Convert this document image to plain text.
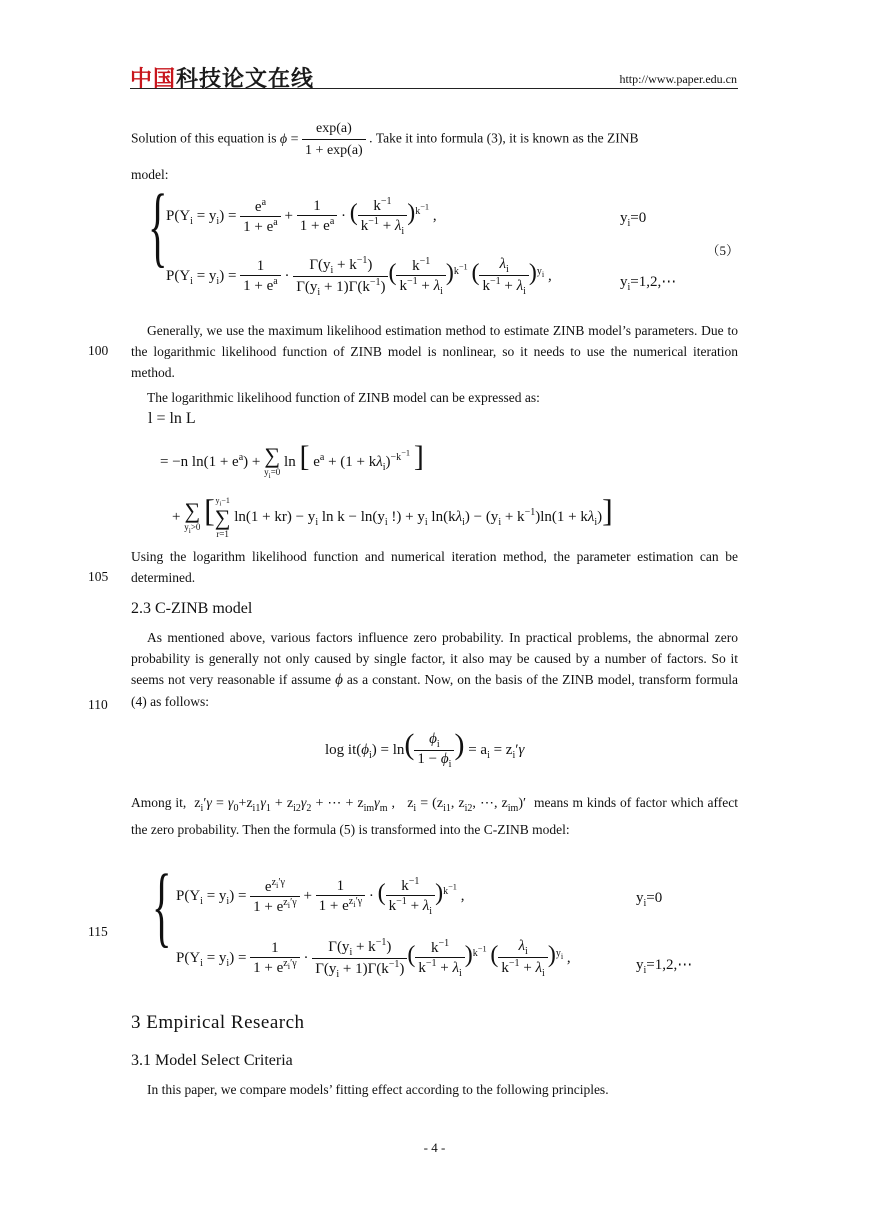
中国科技论文在线	http://www.paper.edu.cn
Solution of this equation is $\phi = \frac{\exp(a)}{1 + \exp(a)}$ . Take it into formula (3), it is known as the ZINB
model:
{
$P(Y_i = y_i) = \frac{e^a}{1 + e^a} + \frac{1}{1 + e^a}$ · ( $\frac{k^{-1}}{k^{-1} + \lambda_i} )^{k^{-1}}$ ,	$y_i=0$
（5）
$P(Y_i = y_i) = \frac{1}{1 + e^a} \cdot \frac{\Gamma(y_i + k^{-1})}{\Gamma(y_i + 1)\Gamma(k^{-1})}$ ( $\frac{k^{-1}}{k^{-1} + \lambda_i} )^{k^{-1}}$ ( $\frac{\lambda_i}{k^{-1} + \lambda_i} )^{y_i}$ ,	$y_i=1,2,\cdots$
Generally, we use the maximum likelihood estimation method to estimate ZINB model’s parameters. Due to the logarithmic likelihood function of ZINB model is nonlinear, so it needs to use the numerical iteration method.
100
The logarithmic likelihood function of ZINB model can be expressed as:
l = ln L
= −n $\ln(1 + e^a)$ + ∑
$y_i=0$
ln [ $e^a + (1 + k\lambda_i)^{-k^{-1}}$ ]
+ ∑
$y_i>0$ [ $y_i-1$
∑
r=1
$\ln(1 + kr) - y_i$ $\ln k - \ln(y_i$ !) + $y_i$ $\ln(k\lambda_i) - (y_i + k^{-1})\ln(1 + k\lambda_i)$]
Using the logarithm likelihood function and numerical iteration method, the parameter estimation can be determined.
105
2.3 C-ZINB model
As mentioned above, various factors influence zero probability. In practical problems, the abnormal zero probability is generally not only caused by single factor, it also may be caused by a number of factors. So it seems not very reasonable if assume ϕ as a constant. Now, on the basis of the ZINB model, transform formula (4) as follows:
110
$\log it(\phi_i) = \ln( \frac{\phi_i}{1 - \phi_i}$ ) = $a_i = z_i'\gamma$
Among it,  $z_i'\gamma = \gamma_0+z_{i1}\gamma_1 + z_{i2}\gamma_2$ + ⋯ + $z_{im}\gamma_m$ ,   $z_i = (z_{i1}$, $z_{i2}$, ⋯, $z_{im})'$  means m kinds of factor which affect the zero probability. Then the formula (5) is transformed into the C-ZINB model:
{ $P(Y_i = y_i) = \frac{e^{z_i'\gamma}}{1 + e^{z_i'\gamma}} + \frac{1}{1 + e^{z_i'\gamma}}$ · ( $\frac{k^{-1}}{k^{-1} + \lambda_i} )^{k^{-1}}$ ,	$y_i=0$
115
$P(Y_i = y_i) = \frac{1}{1 + e^{z_i'\gamma}} \cdot \frac{\Gamma(y_i + k^{-1})}{\Gamma(y_i + 1)\Gamma(k^{-1})}$ ( $\frac{k^{-1}}{k^{-1} + \lambda_i} )^{k^{-1}}$ ( $\frac{\lambda_i}{k^{-1} + \lambda_i} )^{y_i}$ ,	$y_i=1,2,\cdots$
3 Empirical Research
3.1 Model Select Criteria
In this paper, we compare models’ fitting effect according to the following principles.
- 4 -
